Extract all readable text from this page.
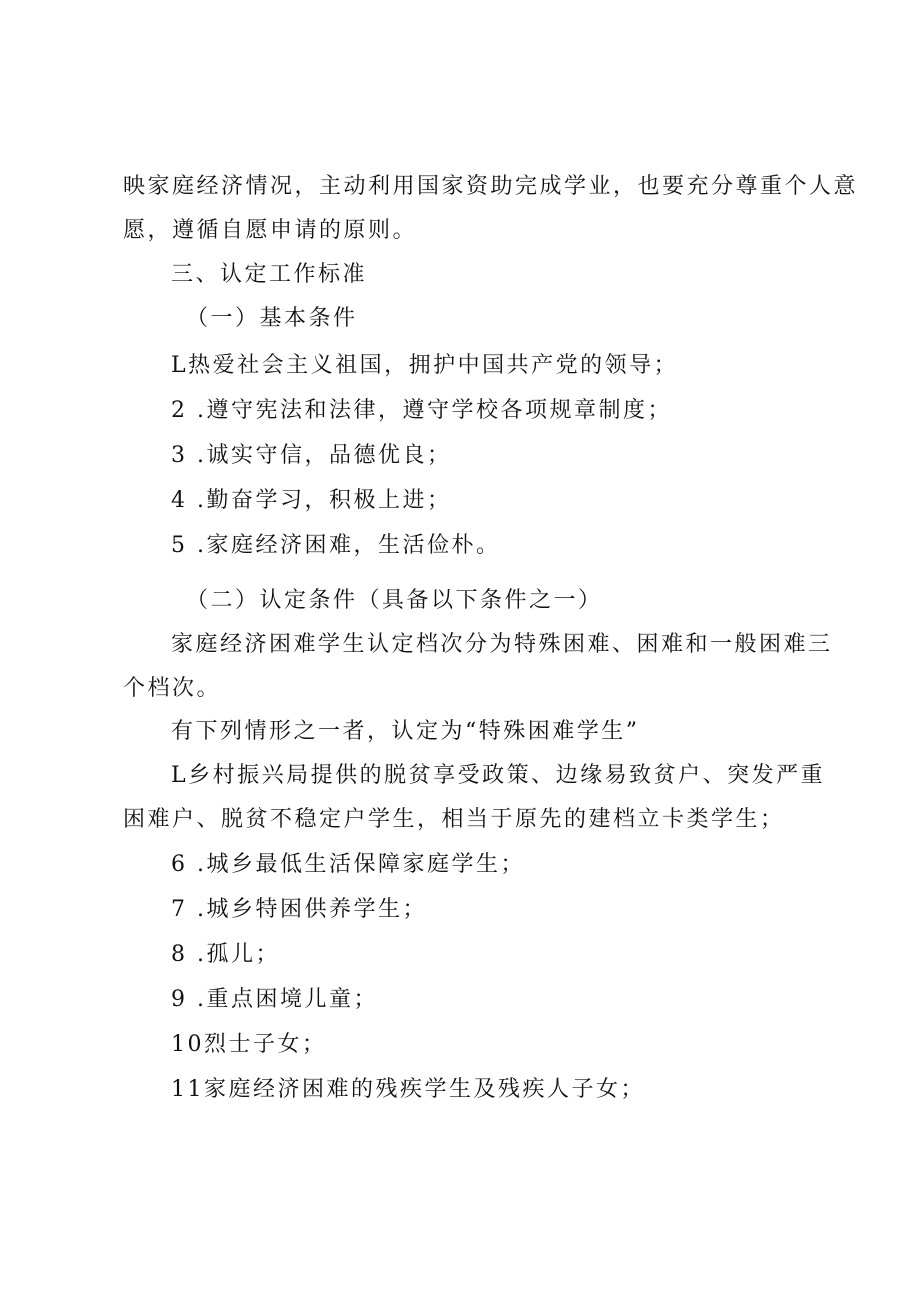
映家庭经济情况，主动利用国家资助完成学业，也要充分尊重个人意
愿，遵循自愿申请的原则。
三、认定工作标准
（一）基本条件
L热爱社会主义祖国，拥护中国共产党的领导；
2 .遵守宪法和法律，遵守学校各项规章制度；
3 .诚实守信，品德优良；
4 .勤奋学习，积极上进；
5 .家庭经济困难，生活俭朴。
（二）认定条件（具备以下条件之一）
家庭经济困难学生认定档次分为特殊困难、困难和一般困难三
个档次。
有下列情形之一者，认定为“特殊困难学生”
L乡村振兴局提供的脱贫享受政策、边缘易致贫户、突发严重
困难户、脱贫不稳定户学生，相当于原先的建档立卡类学生；
6 .城乡最低生活保障家庭学生；
7 .城乡特困供养学生；
8 .孤儿；
9 .重点困境儿童；
10烈士子女；
11家庭经济困难的残疾学生及残疾人子女；
